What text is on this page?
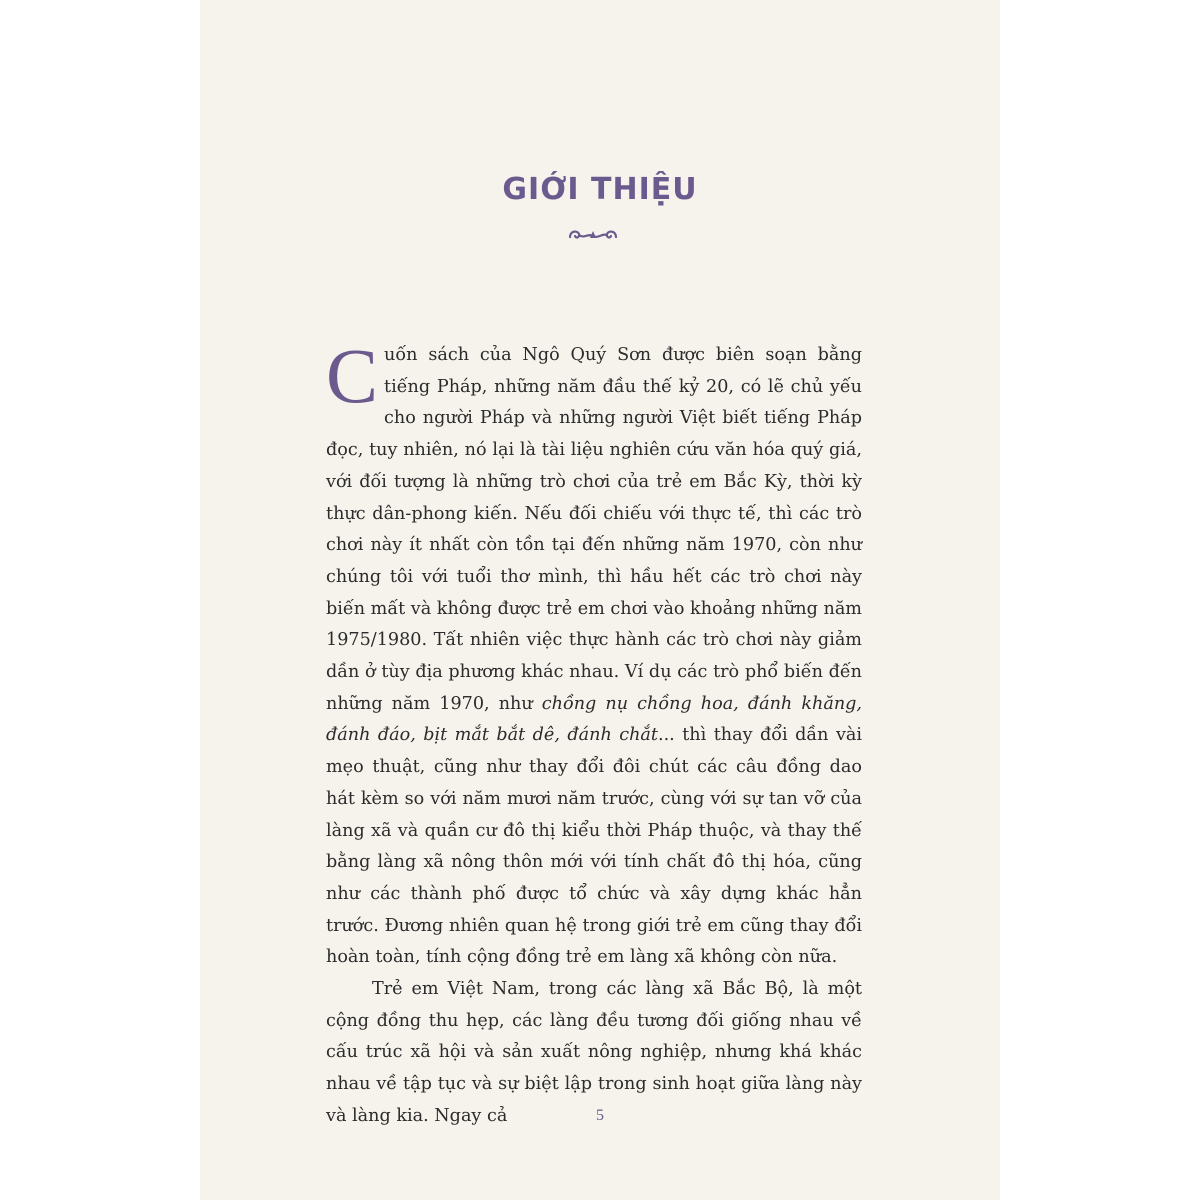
GIỚI THIỆU

Cuốn sách của Ngô Quý Sơn được biên soạn bằng tiếng Pháp, những năm đầu thế kỷ 20, có lẽ chủ yếu cho người Pháp và những người Việt biết tiếng Pháp đọc, tuy nhiên, nó lại là tài liệu nghiên cứu văn hóa quý giá, với đối tượng là những trò chơi của trẻ em Bắc Kỳ, thời kỳ thực dân-phong kiến. Nếu đối chiếu với thực tế, thì các trò chơi này ít nhất còn tồn tại đến những năm 1970, còn như chúng tôi với tuổi thơ mình, thì hầu hết các trò chơi này biến mất và không được trẻ em chơi vào khoảng những năm 1975/1980. Tất nhiên việc thực hành các trò chơi này giảm dần ở tùy địa phương khác nhau. Ví dụ các trò phổ biến đến những năm 1970, như chồng nụ chồng hoa, đánh khăng, đánh đáo, bịt mắt bắt dê, đánh chắt... thì thay đổi dần vài mẹo thuật, cũng như thay đổi đôi chút các câu đồng dao hát kèm so với năm mươi năm trước, cùng với sự tan vỡ của làng xã và quần cư đô thị kiểu thời Pháp thuộc, và thay thế bằng làng xã nông thôn mới với tính chất đô thị hóa, cũng như các thành phố được tổ chức và xây dựng khác hẳn trước. Đương nhiên quan hệ trong giới trẻ em cũng thay đổi hoàn toàn, tính cộng đồng trẻ em làng xã không còn nữa.

Trẻ em Việt Nam, trong các làng xã Bắc Bộ, là một cộng đồng thu hẹp, các làng đều tương đối giống nhau về cấu trúc xã hội và sản xuất nông nghiệp, nhưng khá khác nhau về tập tục và sự biệt lập trong sinh hoạt giữa làng này và làng kia. Ngay cả	5
